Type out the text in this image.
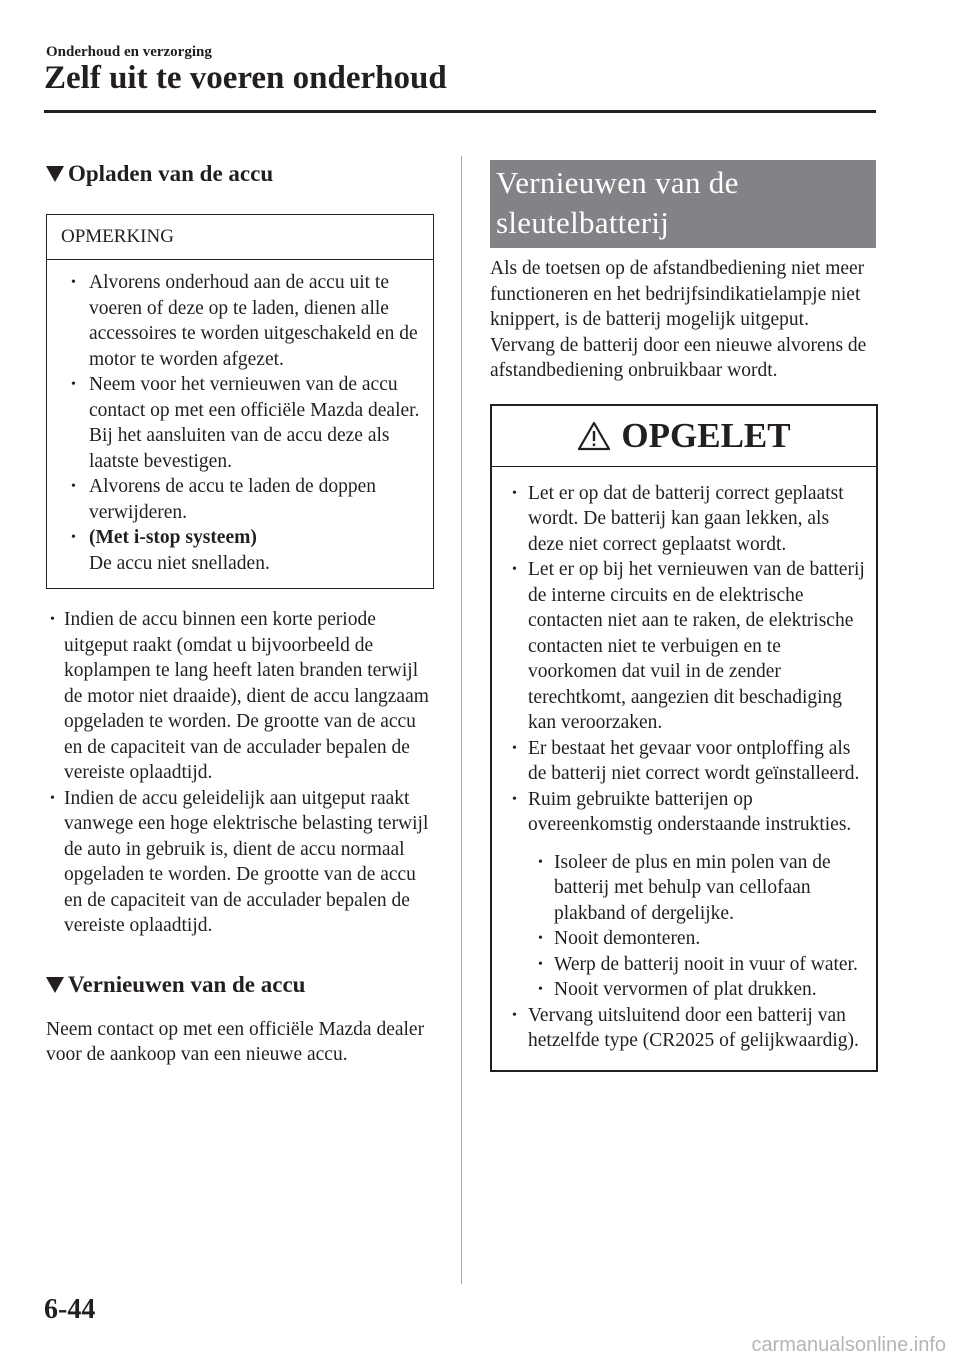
Onderhoud en verzorging
Zelf uit te voeren onderhoud
Opladen van de accu
OPMERKING
• Alvorens onderhoud aan de accu uit te voeren of deze op te laden, dienen alle accessoires te worden uitgeschakeld en de motor te worden afgezet.
• Neem voor het vernieuwen van de accu contact op met een officiële Mazda dealer. Bij het aansluiten van de accu deze als laatste bevestigen.
• Alvorens de accu te laden de doppen verwijderen.
• (Met i-stop systeem)
De accu niet snelladen.
• Indien de accu binnen een korte periode uitgeput raakt (omdat u bijvoorbeeld de koplampen te lang heeft laten branden terwijl de motor niet draaide), dient de accu langzaam opgeladen te worden. De grootte van de accu en de capaciteit van de acculader bepalen de vereiste oplaadtijd.
• Indien de accu geleidelijk aan uitgeput raakt vanwege een hoge elektrische belasting terwijl de auto in gebruik is, dient de accu normaal opgeladen te worden. De grootte van de accu en de capaciteit van de acculader bepalen de vereiste oplaadtijd.
Vernieuwen van de accu

Neem contact op met een officiële Mazda dealer voor de aankoop van een nieuwe accu.

Vernieuwen van de
sleutelbatterij

Als de toetsen op de afstandbediening niet meer functioneren en het bedrijfsindikatielampje niet knippert, is de batterij mogelijk uitgeput.
Vervang de batterij door een nieuwe alvorens de afstandbediening onbruikbaar wordt.

OPGELET
• Let er op dat de batterij correct geplaatst wordt. De batterij kan gaan lekken, als deze niet correct geplaatst wordt.
• Let er op bij het vernieuwen van de batterij de interne circuits en de elektrische contacten niet aan te raken, de elektrische contacten niet te verbuigen en te voorkomen dat vuil in de zender terechtkomt, aangezien dit beschadiging kan veroorzaken.
• Er bestaat het gevaar voor ontploffing als de batterij niet correct wordt geïnstalleerd.
• Ruim gebruikte batterijen op overeenkomstig onderstaande instrukties.
• Isoleer de plus en min polen van de batterij met behulp van cellofaan plakband of dergelijke.
• Nooit demonteren.
• Werp de batterij nooit in vuur of water.
• Nooit vervormen of plat drukken.
• Vervang uitsluitend door een batterij van hetzelfde type (CR2025 of gelijkwaardig).
6-44
carmanualsonline.info
